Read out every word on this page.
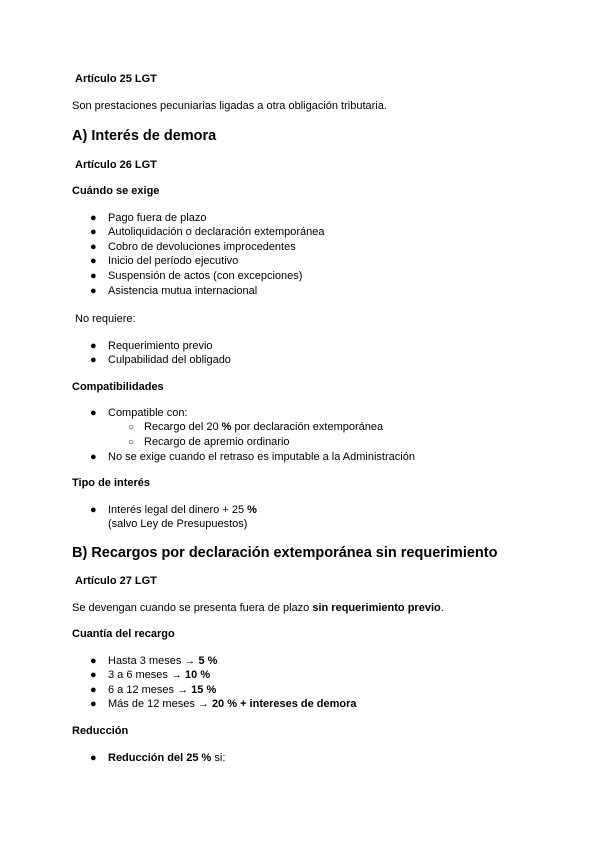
Artículo 25 LGT
Son prestaciones pecuniarias ligadas a otra obligación tributaria.
A) Interés de demora
Artículo 26 LGT
Cuándo se exige
● Pago fuera de plazo
● Autoliquidación o declaración extemporánea
● Cobro de devoluciones improcedentes
● Inicio del período ejecutivo
● Suspensión de actos (con excepciones)
● Asistencia mutua internacional
No requiere:
● Requerimiento previo
● Culpabilidad del obligado
Compatibilidades
● Compatible con:
○ Recargo del 20 % por declaración extemporánea
○ Recargo de apremio ordinario
● No se exige cuando el retraso es imputable a la Administración
Tipo de interés
● Interés legal del dinero + 25 %
(salvo Ley de Presupuestos)
B) Recargos por declaración extemporánea sin requerimiento
Artículo 27 LGT
Se devengan cuando se presenta fuera de plazo sin requerimiento previo.
Cuantía del recargo
● Hasta 3 meses → 5 %
● 3 a 6 meses → 10 %
● 6 a 12 meses → 15 %
● Más de 12 meses → 20 % + intereses de demora
Reducción
● Reducción del 25 % si:
